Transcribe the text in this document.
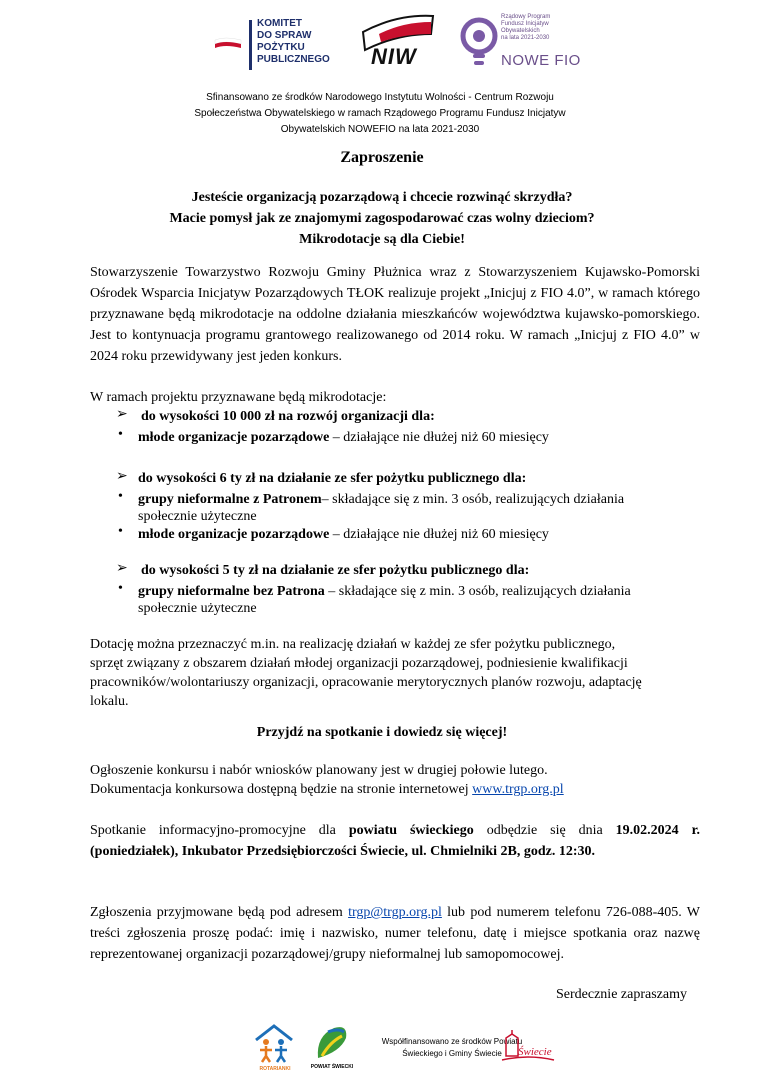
KOMITET
DO SPRAW
POŻYTKU
PUBLICZNEGO NIW
Rządowy Program
Fundusz Inicjatyw
Obywatelskich
na lata 2021-2030
NOWE FIO
Sfinansowano ze środków Narodowego Instytutu Wolności - Centrum Rozwoju Społeczeństwa Obywatelskiego w ramach Rządowego Programu Fundusz Inicjatyw Obywatelskich NOWEFIO na lata 2021-2030
Zaproszenie
Jesteście organizacją pozarządową i chcecie rozwinąć skrzydła?
Macie pomysł jak ze znajomymi zagospodarować czas wolny dzieciom?
Mikrodotacje są dla Ciebie!
Stowarzyszenie Towarzystwo Rozwoju Gminy Płużnica wraz z Stowarzyszeniem Kujawsko-Pomorski Ośrodek Wsparcia Inicjatyw Pozarządowych TŁOK realizuje projekt „Inicjuj z FIO 4.0”, w ramach którego przyznawane będą mikrodotacje na oddolne działania mieszkańców województwa kujawsko-pomorskiego. Jest to kontynuacja programu grantowego realizowanego od 2014 roku. W ramach „Inicjuj z FIO 4.0” w 2024 roku przewidywany jest jeden konkurs.
W ramach projektu przyznawane będą mikrodotacje:
➢ do wysokości 10 000 zł na rozwój organizacji dla:
• młode organizacje pozarządowe – działające nie dłużej niż 60 miesięcy
➢ do wysokości 6 ty zł na działanie ze sfer pożytku publicznego dla:
• grupy nieformalne z Patronem– składające się z min. 3 osób, realizujących działania
społecznie użyteczne
• młode organizacje pozarządowe – działające nie dłużej niż 60 miesięcy
➢ do wysokości 5 ty zł na działanie ze sfer pożytku publicznego dla:
• grupy nieformalne bez Patrona – składające się z min. 3 osób, realizujących działania
społecznie użyteczne
Dotację można przeznaczyć m.in. na realizację działań w każdej ze sfer pożytku publicznego,
sprzęt związany z obszarem działań młodej organizacji pozarządowej, podniesienie kwalifikacji
pracowników/wolontariuszy organizacji, opracowanie merytorycznych planów rozwoju, adaptację
lokalu.
Przyjdź na spotkanie i dowiedz się więcej!
Ogłoszenie konkursu i nabór wniosków planowany jest w drugiej połowie lutego.
Dokumentacja konkursowa dostępną będzie na stronie internetowej www.trgp.org.pl
Spotkanie informacyjno-promocyjne dla powiatu świeckiego odbędzie się dnia 19.02.2024 r. (poniedziałek), Inkubator Przedsiębiorczości Świecie, ul. Chmielniki 2B, godz. 12:30.
Zgłoszenia przyjmowane będą pod adresem trgp@trgp.org.pl lub pod numerem telefonu 726-088-405. W treści zgłoszenia proszę podać: imię i nazwisko, numer telefonu, datę i miejsce spotkania oraz nazwę reprezentowanej organizacji pozarządowej/grupy nieformalnej lub samopomocowej.
Serdecznie zapraszamy
ROTARIANKI	POWIAT ŚWIECKI
Współfinansowano ze środków Powiatu Świeckiego i Gminy Świecie	Świecie
